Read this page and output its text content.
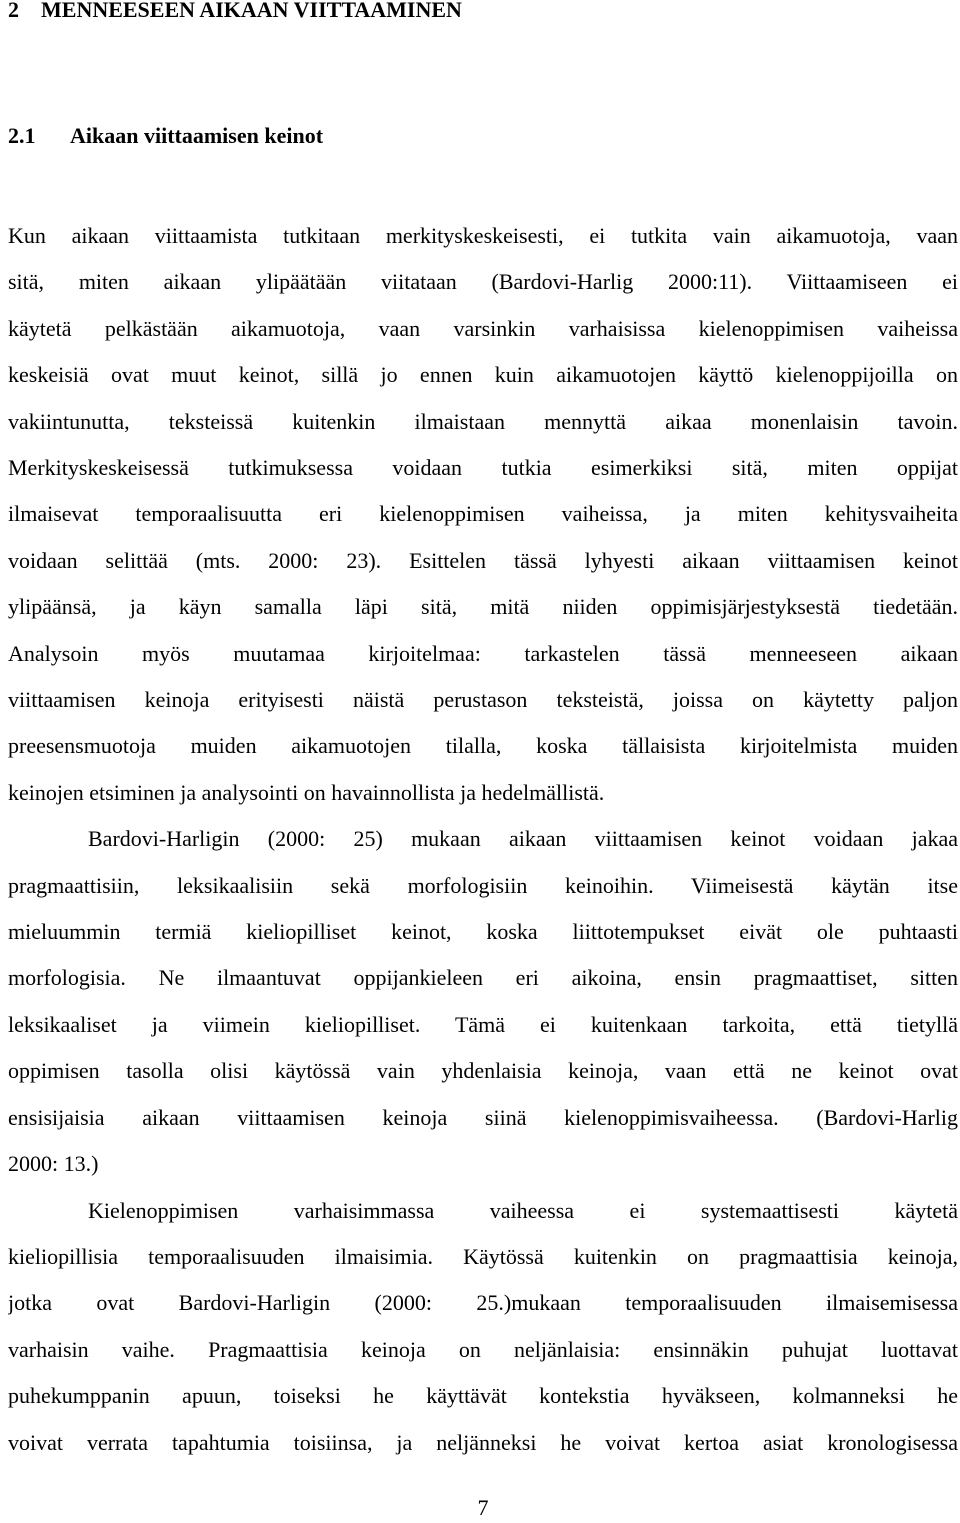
2  MENNEESEEN AIKAAN VIITTAAMINEN
2.1 Aikaan viittaamisen keinot
Kun aikaan viittaamista tutkitaan merkityskeskeisesti, ei tutkita vain aikamuotoja, vaan
sitä, miten aikaan ylipäätään viitataan (Bardovi-Harlig 2000:11). Viittaamiseen ei
käytetä pelkästään aikamuotoja, vaan varsinkin varhaisissa kielenoppimisen vaiheissa
keskeisiä ovat muut keinot, sillä jo ennen kuin aikamuotojen käyttö kielenoppijoilla on
vakiintunutta, teksteissä kuitenkin ilmaistaan mennyttä aikaa monenlaisin tavoin.
Merkityskeskeisessä tutkimuksessa voidaan tutkia esimerkiksi sitä, miten oppijat
ilmaisevat temporaalisuutta eri kielenoppimisen vaiheissa, ja miten kehitysvaiheita
voidaan selittää (mts. 2000: 23). Esittelen tässä lyhyesti aikaan viittaamisen keinot
ylipäänsä, ja käyn samalla läpi sitä, mitä niiden oppimisjärjestyksestä tiedetään.
Analysoin myös muutamaa kirjoitelmaa: tarkastelen tässä menneeseen aikaan
viittaamisen keinoja erityisesti näistä perustason teksteistä, joissa on käytetty paljon
preesensmuotoja muiden aikamuotojen tilalla, koska tällaisista kirjoitelmista muiden
keinojen etsiminen ja analysointi on havainnollista ja hedelmällistä.
Bardovi-Harligin (2000: 25) mukaan aikaan viittaamisen keinot voidaan jakaa
pragmaattisiin, leksikaalisiin sekä morfologisiin keinoihin. Viimeisestä käytän itse
mieluummin termiä kieliopilliset keinot, koska liittotempukset eivät ole puhtaasti
morfologisia. Ne ilmaantuvat oppijankieleen eri aikoina, ensin pragmaattiset, sitten
leksikaaliset ja viimein kieliopilliset. Tämä ei kuitenkaan tarkoita, että tietyllä
oppimisen tasolla olisi käytössä vain yhdenlaisia keinoja, vaan että ne keinot ovat
ensisijaisia aikaan viittaamisen keinoja siinä kielenoppimisvaiheessa. (Bardovi-Harlig
2000: 13.)
Kielenoppimisen varhaisimmassa vaiheessa ei systemaattisesti käytetä
kieliopillisia temporaalisuuden ilmaisimia. Käytössä kuitenkin on pragmaattisia keinoja,
jotka ovat Bardovi-Harligin (2000: 25.)mukaan temporaalisuuden ilmaisemisessa
varhaisin vaihe. Pragmaattisia keinoja on neljänlaisia: ensinnäkin puhujat luottavat
puhekumppanin apuun, toiseksi he käyttävät kontekstia hyväkseen, kolmanneksi he
voivat verrata tapahtumia toisiinsa, ja neljänneksi he voivat kertoa asiat kronologisessa
7
